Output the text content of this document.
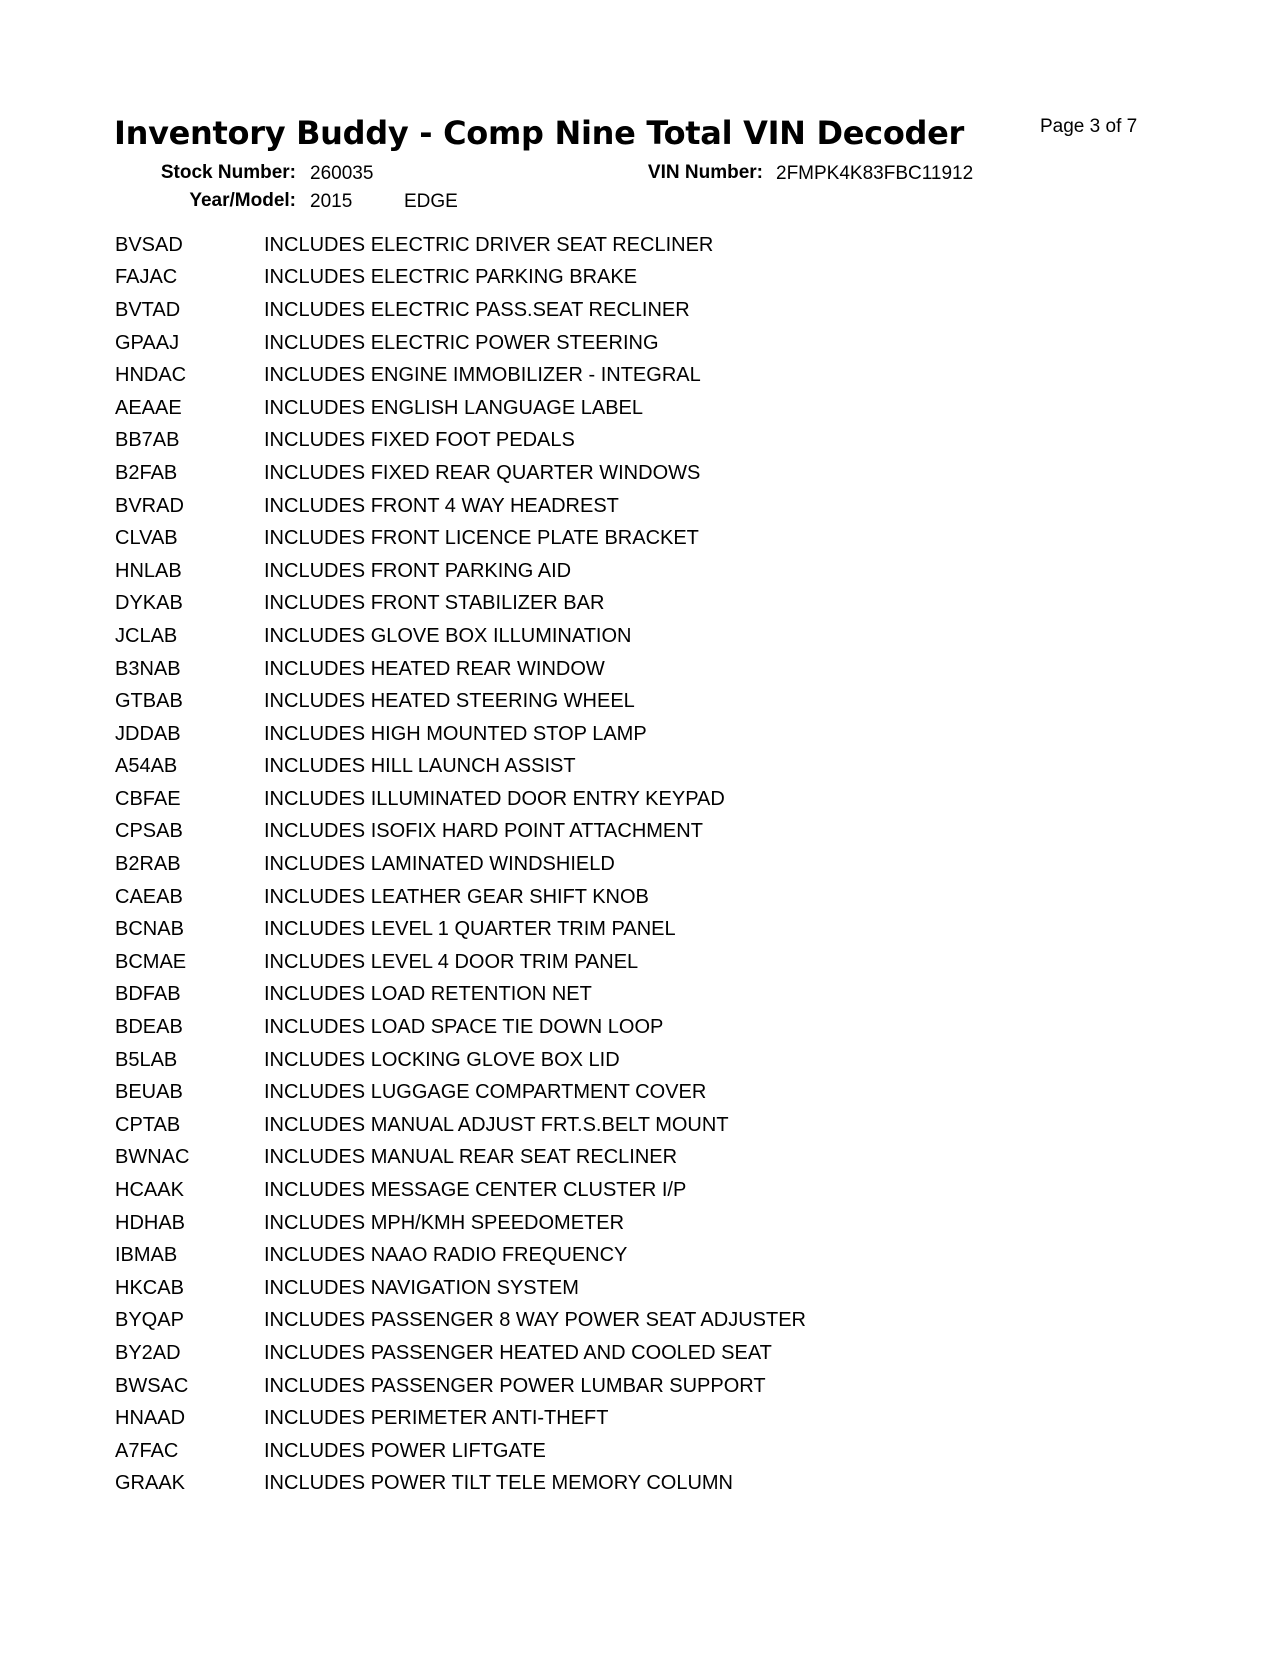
Inventory Buddy - Comp Nine Total VIN Decoder	Page 3 of 7
Stock Number: 260035	VIN Number: 2FMPK4K83FBC11912
Year/Model: 2015	EDGE
BVSAD	INCLUDES ELECTRIC DRIVER SEAT RECLINER
FAJAC	INCLUDES ELECTRIC PARKING BRAKE
BVTAD	INCLUDES ELECTRIC PASS.SEAT RECLINER
GPAAJ	INCLUDES ELECTRIC POWER STEERING
HNDAC	INCLUDES ENGINE IMMOBILIZER - INTEGRAL
AEAAE	INCLUDES ENGLISH LANGUAGE LABEL
BB7AB	INCLUDES FIXED FOOT PEDALS
B2FAB	INCLUDES FIXED REAR QUARTER WINDOWS
BVRAD	INCLUDES FRONT 4 WAY HEADREST
CLVAB	INCLUDES FRONT LICENCE PLATE BRACKET
HNLAB	INCLUDES FRONT PARKING AID
DYKAB	INCLUDES FRONT STABILIZER BAR
JCLAB	INCLUDES GLOVE BOX ILLUMINATION
B3NAB	INCLUDES HEATED REAR WINDOW
GTBAB	INCLUDES HEATED STEERING WHEEL
JDDAB	INCLUDES HIGH MOUNTED STOP LAMP
A54AB	INCLUDES HILL LAUNCH ASSIST
CBFAE	INCLUDES ILLUMINATED DOOR ENTRY KEYPAD
CPSAB	INCLUDES ISOFIX HARD POINT ATTACHMENT
B2RAB	INCLUDES LAMINATED WINDSHIELD
CAEAB	INCLUDES LEATHER GEAR SHIFT KNOB
BCNAB	INCLUDES LEVEL 1 QUARTER TRIM PANEL
BCMAE	INCLUDES LEVEL 4 DOOR TRIM PANEL
BDFAB	INCLUDES LOAD RETENTION NET
BDEAB	INCLUDES LOAD SPACE TIE DOWN LOOP
B5LAB	INCLUDES LOCKING GLOVE BOX LID
BEUAB	INCLUDES LUGGAGE COMPARTMENT COVER
CPTAB	INCLUDES MANUAL ADJUST FRT.S.BELT MOUNT
BWNAC	INCLUDES MANUAL REAR SEAT RECLINER
HCAAK	INCLUDES MESSAGE CENTER CLUSTER I/P
HDHAB	INCLUDES MPH/KMH SPEEDOMETER
IBMAB	INCLUDES NAAO RADIO FREQUENCY
HKCAB	INCLUDES NAVIGATION SYSTEM
BYQAP	INCLUDES PASSENGER 8 WAY POWER SEAT ADJUSTER
BY2AD	INCLUDES PASSENGER HEATED AND COOLED SEAT
BWSAC	INCLUDES PASSENGER POWER LUMBAR SUPPORT
HNAAD	INCLUDES PERIMETER ANTI-THEFT
A7FAC	INCLUDES POWER LIFTGATE
GRAAK	INCLUDES POWER TILT TELE MEMORY COLUMN
